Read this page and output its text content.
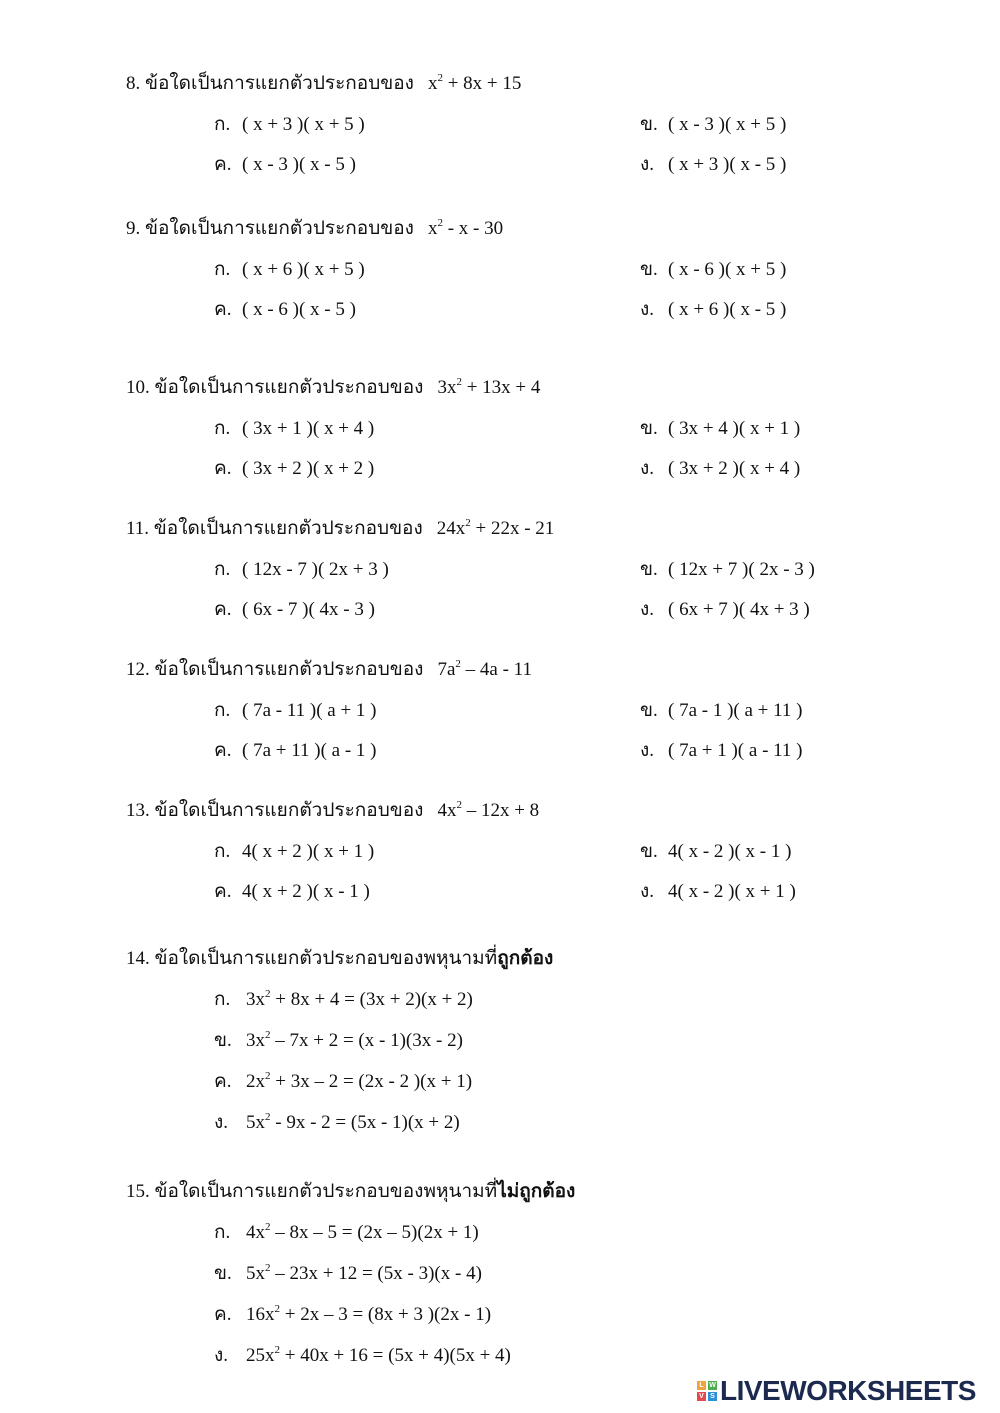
8. ข้อใดเป็นการแยกตัวประกอบของ $x^2 + 8x + 15$
ก. ( x + 3 )( x + 5 )	ข. ( x - 3 )( x + 5 )
ค. ( x - 3 )( x - 5 )	ง. ( x + 3 )( x - 5 )
9. ข้อใดเป็นการแยกตัวประกอบของ $x^2$ - x - 30
ก. ( x + 6 )( x + 5 )	ข. ( x - 6 )( x + 5 )
ค. ( x - 6 )( x - 5 )	ง. ( x + 6 )( x - 5 )
10. ข้อใดเป็นการแยกตัวประกอบของ $3x^2 + 13x + 4$
ก. ( 3x + 1 )( x + 4 )	ข. ( 3x + 4 )( x + 1 )
ค. ( 3x + 2 )( x + 2 )	ง. ( 3x + 2 )( x + 4 )
11. ข้อใดเป็นการแยกตัวประกอบของ $24x^2 + 22x - 21$
ก. ( 12x - 7 )( 2x + 3 )	ข. ( 12x + 7 )( 2x - 3 )
ค. ( 6x - 7 )( 4x - 3 )	ง. ( 6x + 7 )( 4x + 3 )
12. ข้อใดเป็นการแยกตัวประกอบของ $7a^2 - 4a - 11$
ก. ( 7a - 11 )( a + 1 )	ข. ( 7a - 1 )( a + 11 )
ค. ( 7a + 11 )( a - 1 )	ง. ( 7a + 1 )( a - 11 )
13. ข้อใดเป็นการแยกตัวประกอบของ $4x^2 - 12x + 8$
ก. 4( x + 2 )( x + 1 )	ข. 4( x - 2 )( x - 1 )
ค. 4( x + 2 )( x - 1 )	ง. 4( x - 2 )( x + 1 )
14. ข้อใดเป็นการแยกตัวประกอบของพหุนามที่ถูกต้อง
ก. $3x^2 + 8x + 4 = (3x + 2)(x + 2)$
ข. $3x^2 - 7x + 2 = (x - 1)(3x - 2)$
ค. $2x^2 + 3x - 2 = (2x - 2$ )(x + 1)
ง. $5x^2 - 9x - 2 = (5x - 1)(x + 2)$
15. ข้อใดเป็นการแยกตัวประกอบของพหุนามที่ไม่ถูกต้อง
ก. $4x^2 - 8x - 5 = (2x - 5)(2x + 1)$
ข. $5x^2 - 23x + 12 = (5x - 3)(x - 4)$
ค. $16x^2 + 2x - 3 = (8x + 3$ )(2x - 1)
ง. $25x^2 + 40x + 16 = (5x + 4)(5x + 4)$
L W
V S LIVEWORKSHEETS
